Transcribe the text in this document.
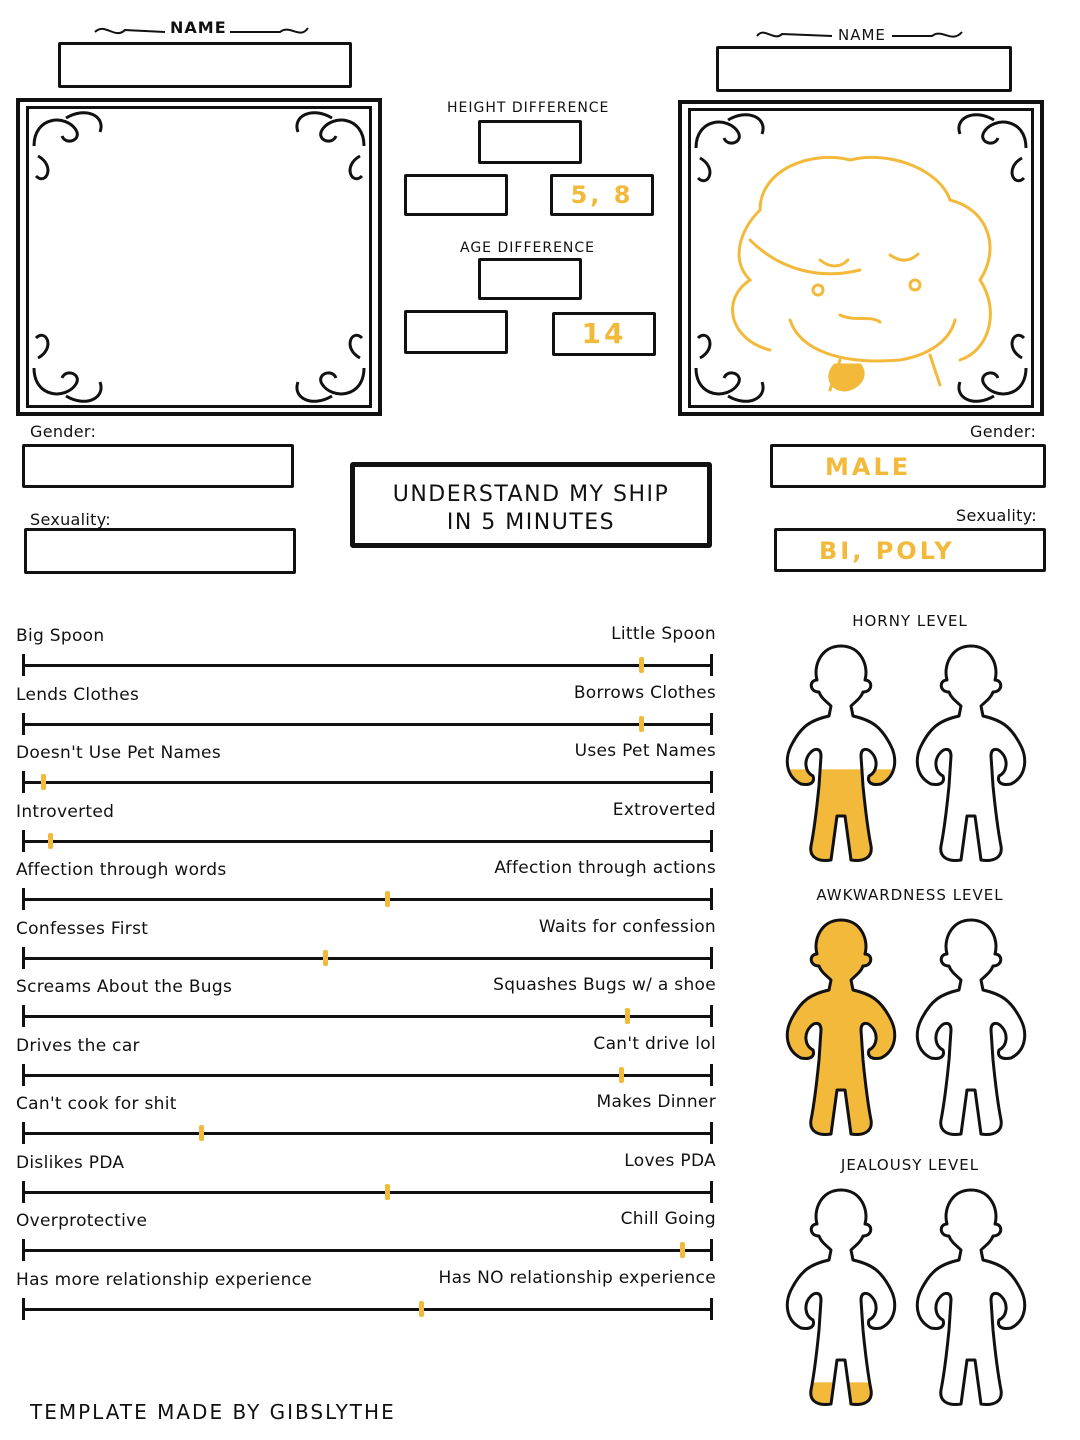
NAME	NAME
HEIGHT DIFFERENCE
5, 8
AGE DIFFERENCE
14
Gender:
Sexuality:
Gender:
MALE
Sexuality:
BI, POLY
UNDERSTAND MY SHIP
IN 5 MINUTES
Big Spoon	Little Spoon
Lends Clothes	Borrows Clothes
Doesn't Use Pet Names	Uses Pet Names
Introverted	Extroverted
Affection through words	Affection through actions
Confesses First	Waits for confession
Screams About the Bugs	Squashes Bugs w/ a shoe
Drives the car	Can't drive lol
Can't cook for shit	Makes Dinner
Dislikes PDA	Loves PDA
Overprotective	Chill Going
Has more relationship experience	Has NO relationship experience
HORNY LEVEL
AWKWARDNESS LEVEL
JEALOUSY LEVEL
TEMPLATE MADE BY GIBSLYTHE
